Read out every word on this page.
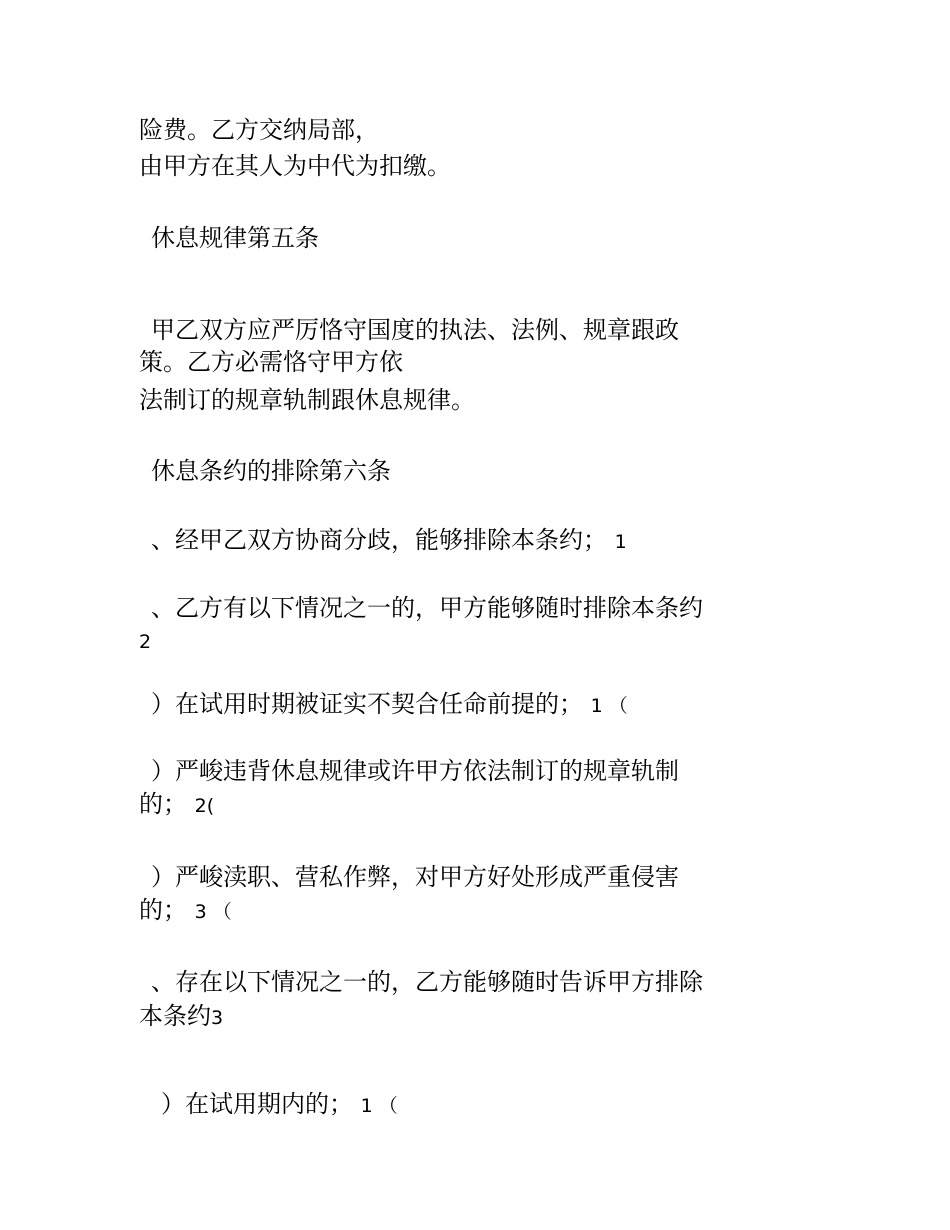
险费。乙方交纳局部，
由甲方在其人为中代为扣缴。
休息规律第五条
甲乙双方应严厉恪守国度的执法、法例、规章跟政
策。乙方必需恪守甲方依
法制订的规章轨制跟休息规律。
休息条约的排除第六条
、经甲乙双方协商分歧，能够排除本条约； 1
、乙方有以下情况之一的，甲方能够随时排除本条约
2
）在试用时期被证实不契合任命前提的； 1 （
）严峻违背休息规律或许甲方依法制订的规章轨制
的； 2(
）严峻渎职、营私作弊，对甲方好处形成严重侵害
的； 3 （
、存在以下情况之一的，乙方能够随时告诉甲方排除
本条约3
）在试用期内的； 1 （
